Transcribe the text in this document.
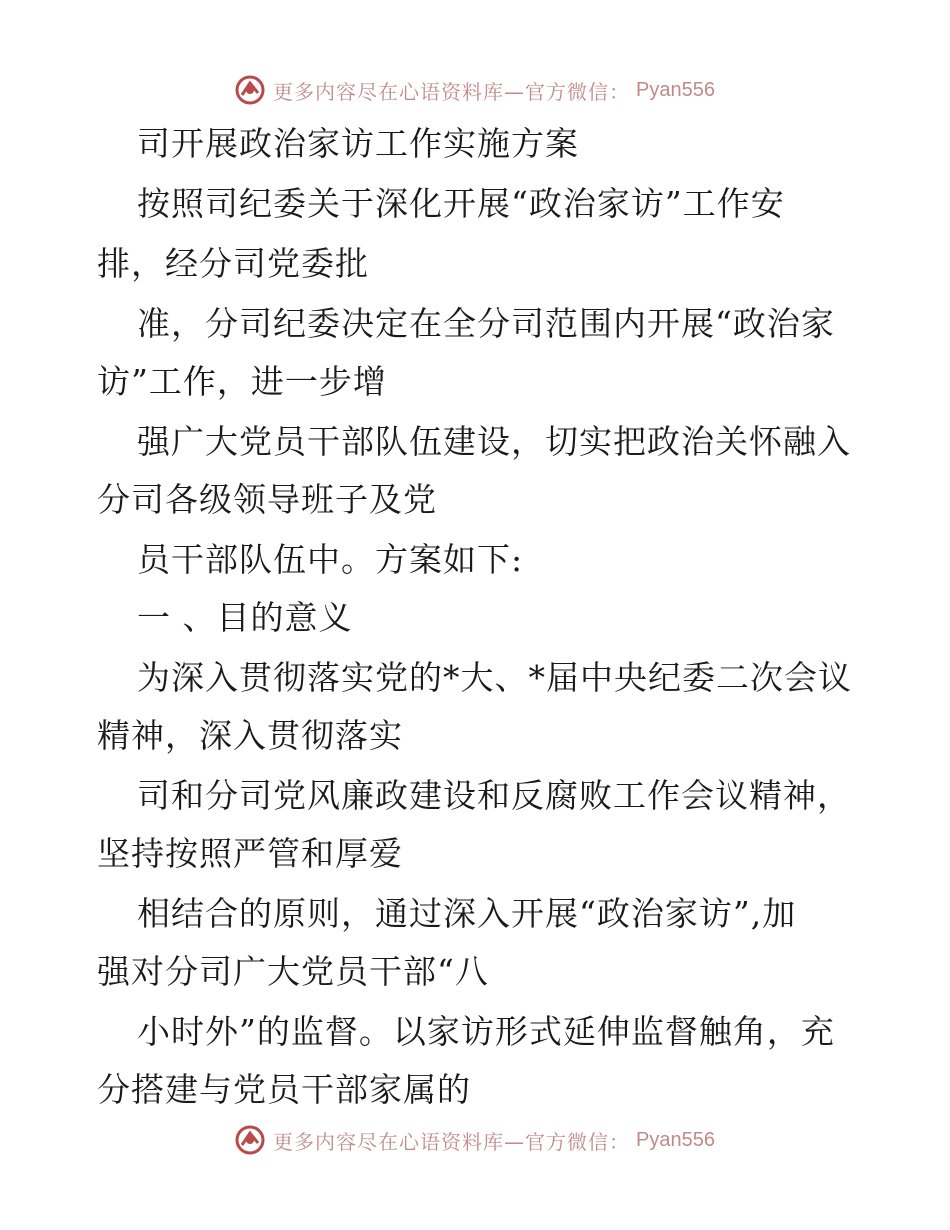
更多内容尽在心语资料库—官方微信： Pyan556
司开展政治家访工作实施方案
按照司纪委关于深化开展“政治家访”工作安
排，经分司党委批
准，分司纪委决定在全分司范围内开展“政治家
访”工作，进一步增
强广大党员干部队伍建设，切实把政治关怀融入
分司各级领导班子及党
员干部队伍中。方案如下:
一 、目的意义
为深入贯彻落实党的*大、*届中央纪委二次会议
精神，深入贯彻落实
司和分司党风廉政建设和反腐败工作会议精神，
坚持按照严管和厚爱
相结合的原则，通过深入开展“政治家访”,加
强对分司广大党员干部“八
小时外”的监督。以家访形式延伸监督触角，充
分搭建与党员干部家属的
更多内容尽在心语资料库—官方微信： Pyan556
